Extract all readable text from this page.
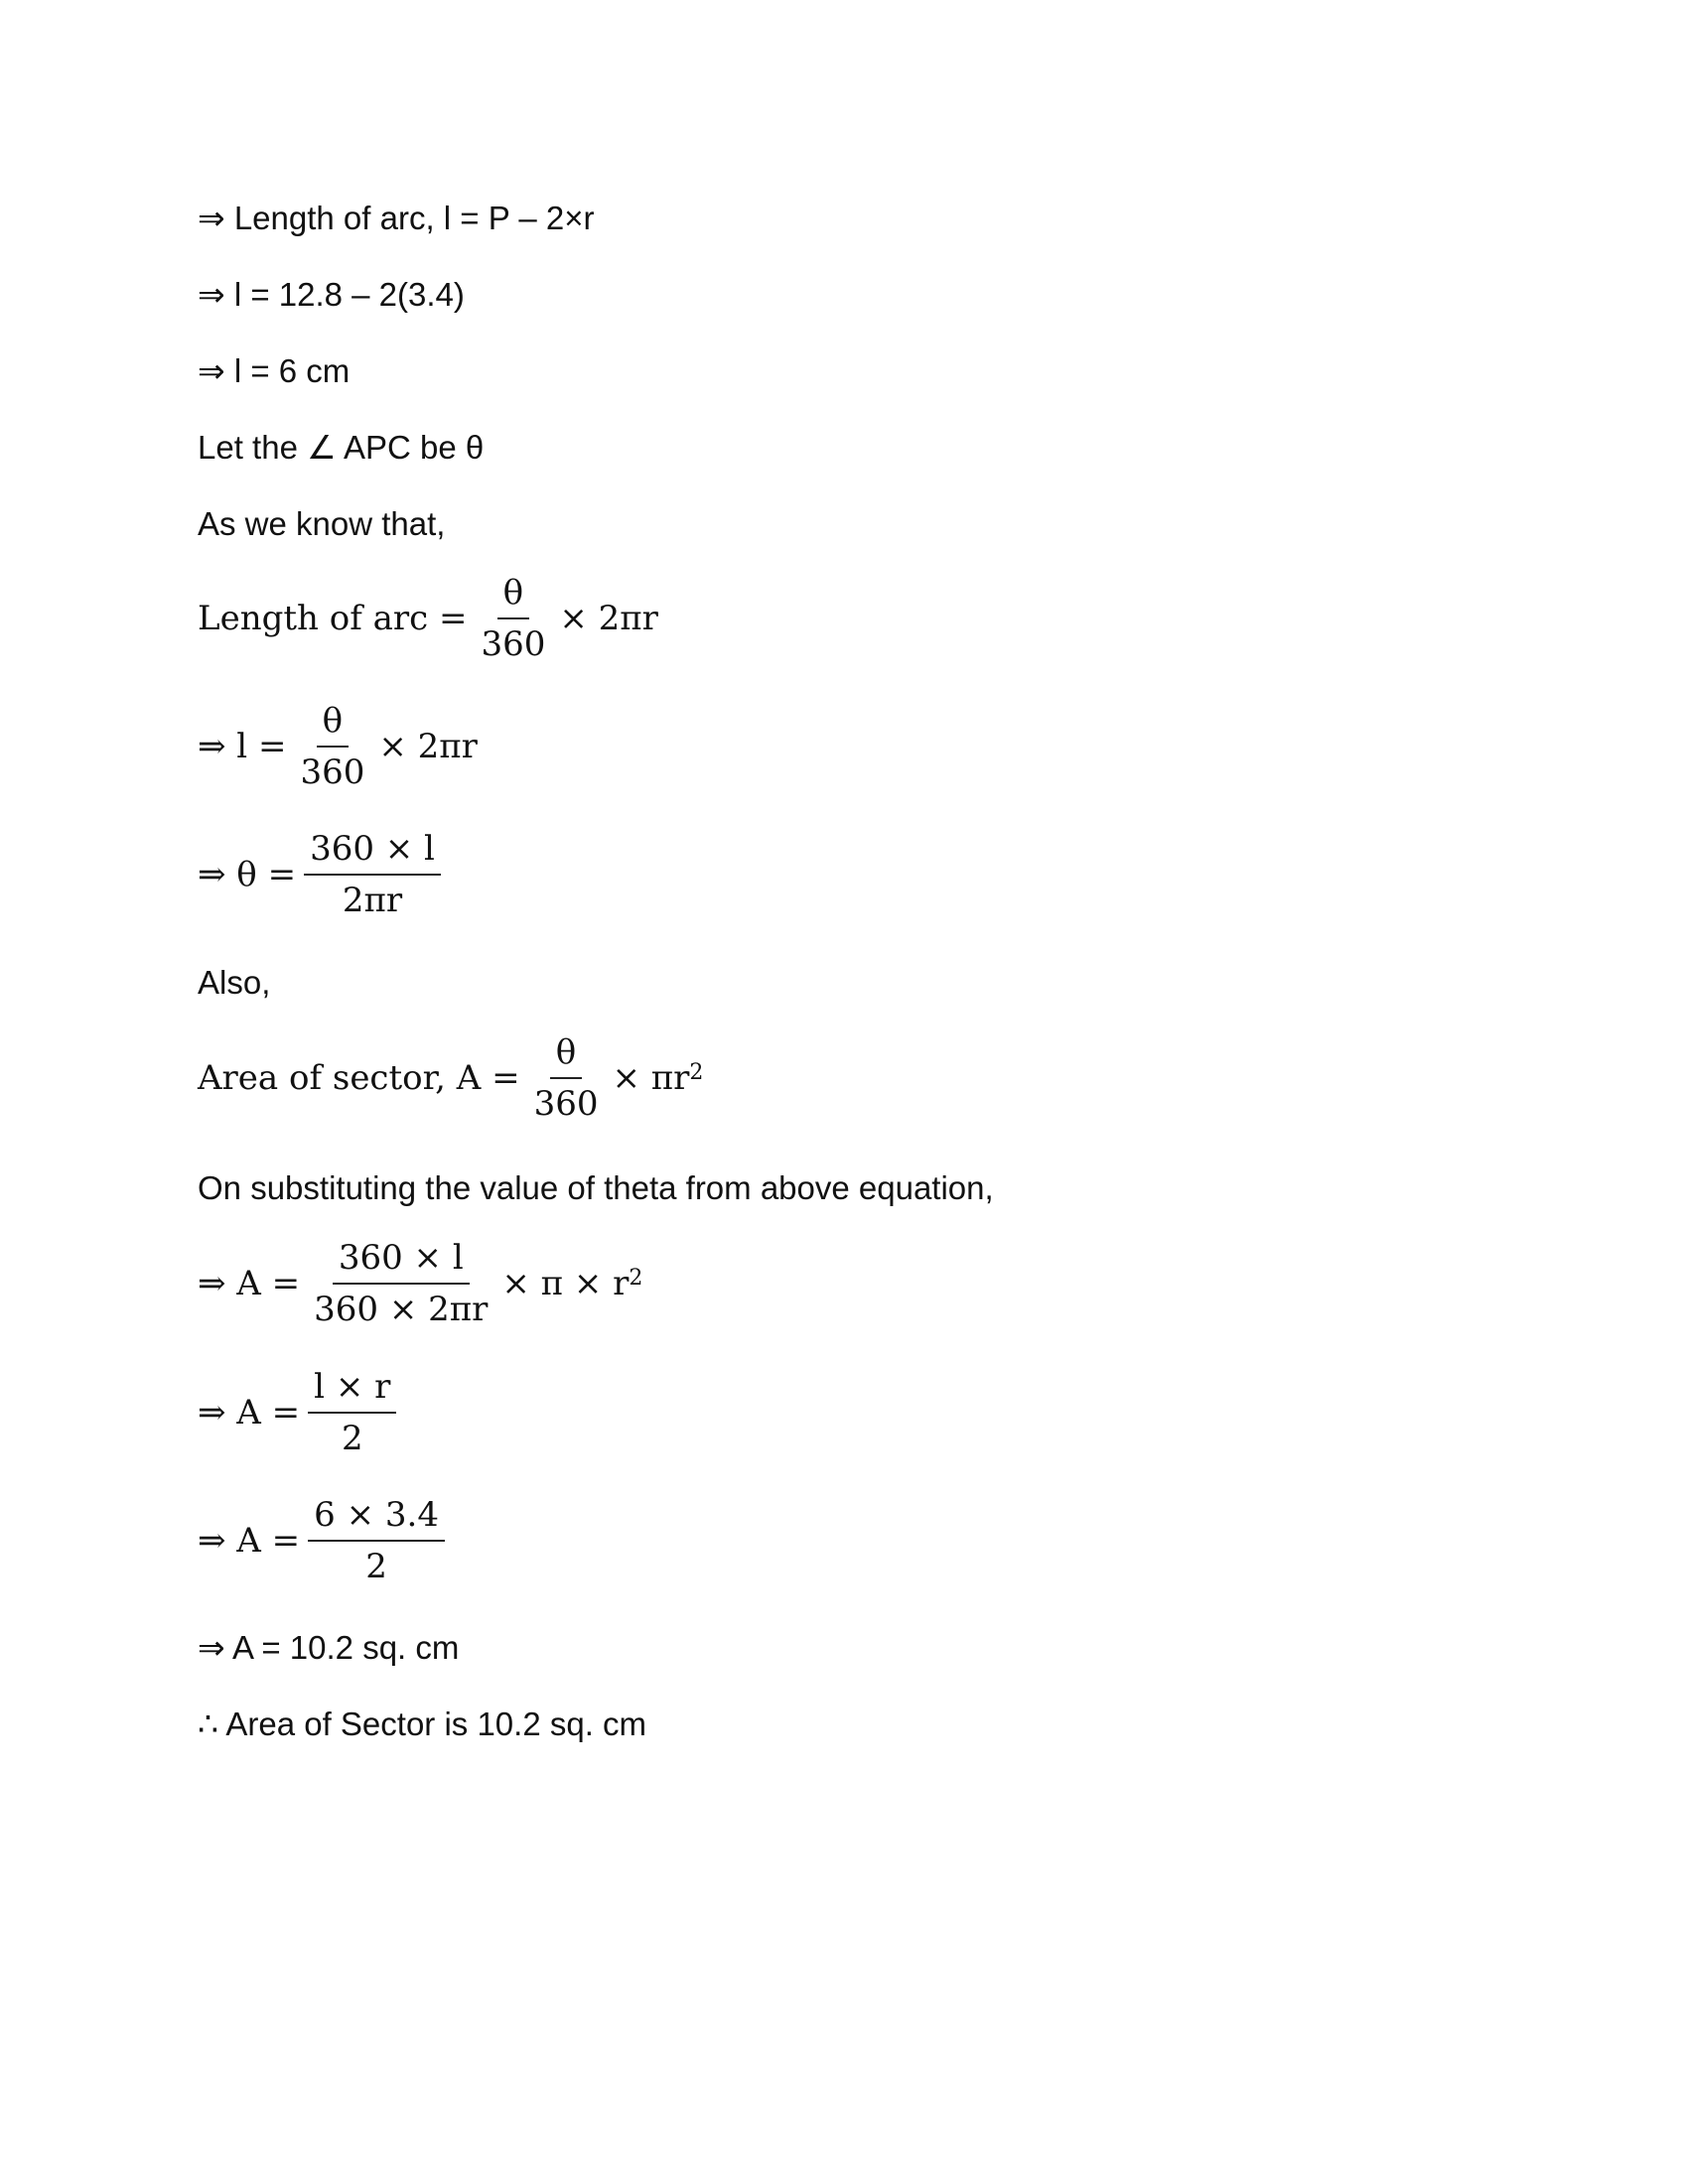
⇒ Length of arc, l = P – 2×r
⇒ l = 12.8 – 2(3.4)
⇒ l = 6 cm
Let the ∠ APC be θ
As we know that,
Length of arc = $\frac{\theta}{360} \times 2\pi r$
⇒ $l = \frac{\theta}{360} \times 2\pi r$
⇒ $\theta = \frac{360 \times l}{2\pi r}$
Also,
Area of sector, $A = \frac{\theta}{360} \times \pi r^2$
On substituting the value of theta from above equation,
⇒ $A = \frac{360 \times l}{360 \times 2\pi r} \times \pi \times r^2$
⇒ $A = \frac{l \times r}{2}$
⇒ $A = \frac{6 \times 3.4}{2}$
⇒ A = 10.2 sq. cm
∴ Area of Sector is 10.2 sq. cm
